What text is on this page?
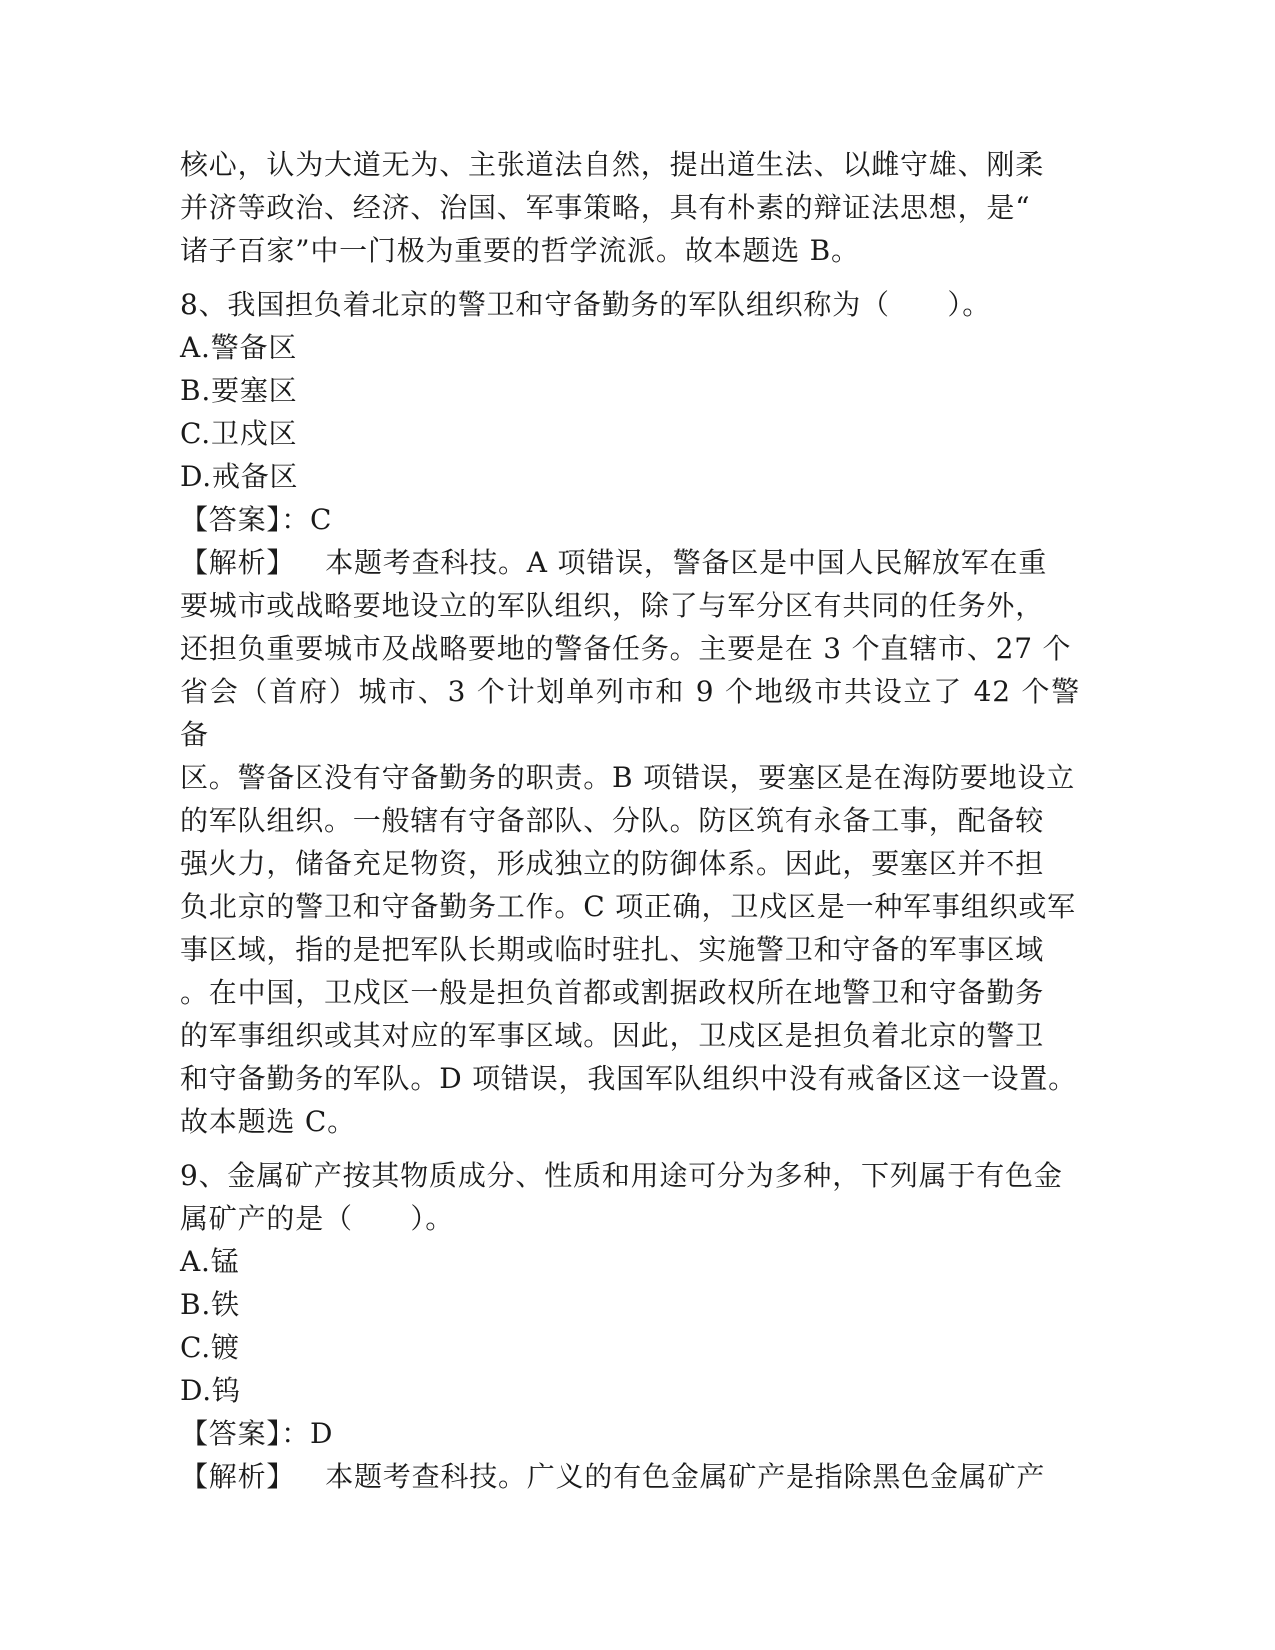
核心，认为大道无为、主张道法自然，提出道生法、以雌守雄、刚柔

并济等政治、经济、治国、军事策略，具有朴素的辩证法思想，是“

诸子百家”中一门极为重要的哲学流派。故本题选 B。

8、我国担负着北京的警卫和守备勤务的军队组织称为（　　）。

A.警备区

B.要塞区

C.卫戍区

D.戒备区

【答案】：C

【解析】 本题考查科技。A 项错误，警备区是中国人民解放军在重

要城市或战略要地设立的军队组织，除了与军分区有共同的任务外，

还担负重要城市及战略要地的警备任务。主要是在 3 个直辖市、27 个

省会（首府）城市、3 个计划单列市和 9 个地级市共设立了 42 个警备

区。警备区没有守备勤务的职责。B 项错误，要塞区是在海防要地设立

的军队组织。一般辖有守备部队、分队。防区筑有永备工事，配备较

强火力，储备充足物资，形成独立的防御体系。因此，要塞区并不担

负北京的警卫和守备勤务工作。C 项正确，卫戍区是一种军事组织或军

事区域，指的是把军队长期或临时驻扎、实施警卫和守备的军事区域

。在中国，卫戍区一般是担负首都或割据政权所在地警卫和守备勤务

的军事组织或其对应的军事区域。因此，卫戍区是担负着北京的警卫

和守备勤务的军队。D 项错误，我国军队组织中没有戒备区这一设置。

故本题选 C。

9、金属矿产按其物质成分、性质和用途可分为多种，下列属于有色金

属矿产的是（　　）。

A.锰

B.铁

C.镀

D.钨

【答案】：D

【解析】 本题考查科技。广义的有色金属矿产是指除黑色金属矿产
